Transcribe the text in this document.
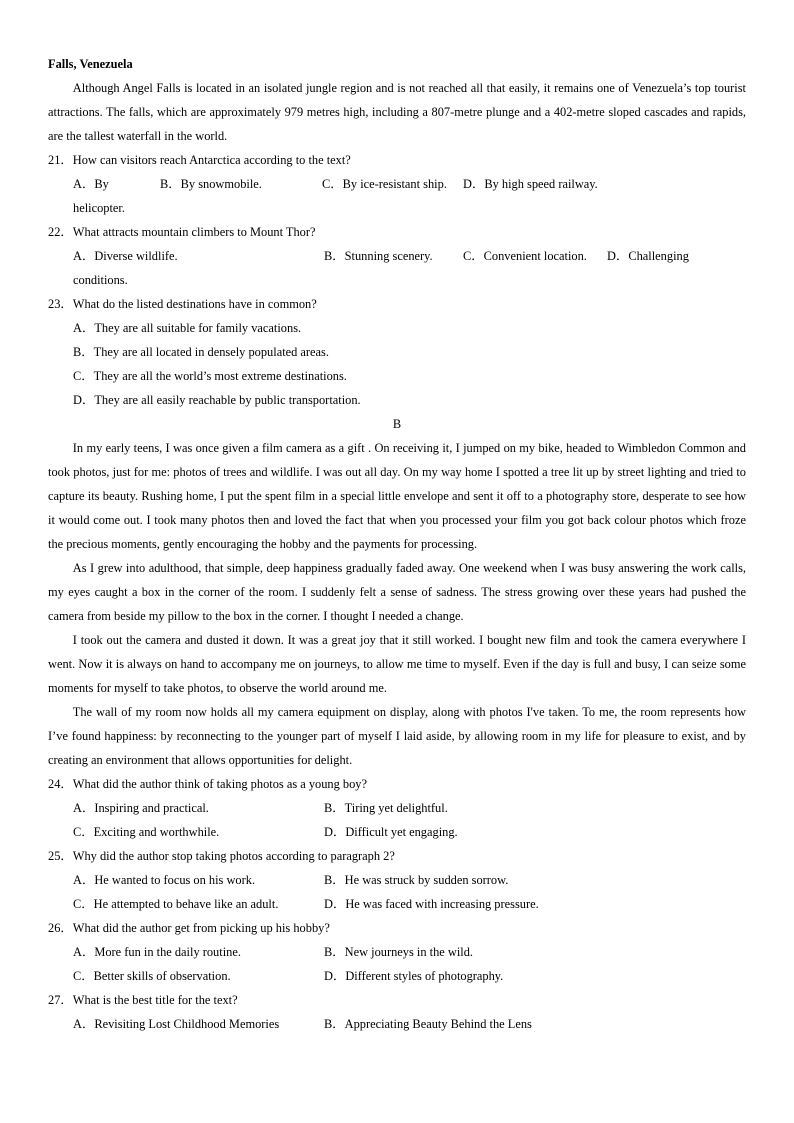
Falls, Venezuela
Although Angel Falls is located in an isolated jungle region and is not reached all that easily, it remains one of Venezuela’s top tourist attractions. The falls, which are approximately 979 metres high, including a 807-metre plunge and a 402-metre sloped cascades and rapids, are the tallest waterfall in the world.
21．How can visitors reach Antarctica according to the text?
A．By helicopter.
B．By snowmobile.	C．By ice-resistant ship.	D．By high speed railway.
22．What attracts mountain climbers to Mount Thor?
A．Diverse wildlife.	B．Stunning scenery.	C．Convenient location.	D．Challenging
conditions.
23．What do the listed destinations have in common?
A．They are all suitable for family vacations.
B．They are all located in densely populated areas.
C．They are all the world’s most extreme destinations.
D．They are all easily reachable by public transportation.
B
In my early teens, I was once given a film camera as a gift . On receiving it, I jumped on my bike, headed to Wimbledon Common and took photos, just for me: photos of trees and wildlife. I was out all day. On my way home I spotted a tree lit up by street lighting and tried to capture its beauty. Rushing home, I put the spent film in a special little envelope and sent it off to a photography store, desperate to see how it would come out. I took many photos then and loved the fact that when you processed your film you got back colour photos which froze the precious moments, gently encouraging the hobby and the payments for processing.
As I grew into adulthood, that simple, deep happiness gradually faded away. One weekend when I was busy answering the work calls, my eyes caught a box in the corner of the room. I suddenly felt a sense of sadness. The stress growing over these years had pushed the camera from beside my pillow to the box in the corner. I thought I needed a change.
I took out the camera and dusted it down. It was a great joy that it still worked. I bought new film and took the camera everywhere I went. Now it is always on hand to accompany me on journeys, to allow me time to myself. Even if the day is full and busy, I can seize some moments for myself to take photos, to observe the world around me.
The wall of my room now holds all my camera equipment on display, along with photos I've taken. To me, the room represents how I’ve found happiness: by reconnecting to the younger part of myself I laid aside, by allowing room in my life for pleasure to exist, and by creating an environment that allows opportunities for delight.
24．What did the author think of taking photos as a young boy?
A．Inspiring and practical.	B．Tiring yet delightful.
C．Exciting and worthwhile.	D．Difficult yet engaging.
25．Why did the author stop taking photos according to paragraph 2?
A．He wanted to focus on his work.	B．He was struck by sudden sorrow.
C．He attempted to behave like an adult.	D．He was faced with increasing pressure.
26．What did the author get from picking up his hobby?
A．More fun in the daily routine.	B．New journeys in the wild.
C．Better skills of observation.	D．Different styles of photography.
27．What is the best title for the text?
A．Revisiting Lost Childhood Memories	B．Appreciating Beauty Behind the Lens
